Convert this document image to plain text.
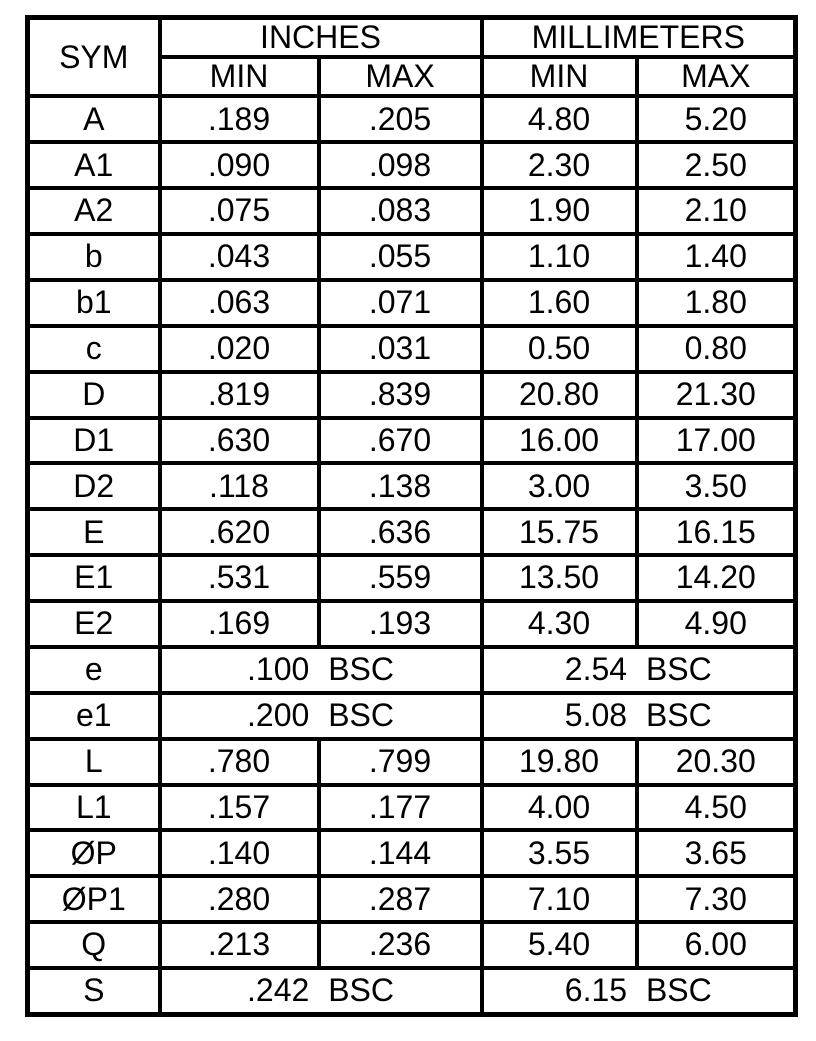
SYM	INCHES		MILLIMETERS	
	MIN	MAX	MIN	MAX
A	.189	.205	4.80	5.20
A1	.090	.098	2.30	2.50
A2	.075	.083	1.90	2.10
b	.043	.055	1.10	1.40
b1	.063	.071	1.60	1.80
c	.020	.031	0.50	0.80
D	.819	.839	20.80	21.30
D1	.630	.670	16.00	17.00
D2	.118	.138	3.00	3.50
E	.620	.636	15.75	16.15
E1	.531	.559	13.50	14.20
E2	.169	.193	4.30	4.90
e	.100 BSC		2.54 BSC	
e1	.200 BSC		5.08 BSC	
L	.780	.799	19.80	20.30
L1	.157	.177	4.00	4.50
ØP	.140	.144	3.55	3.65
ØP1	.280	.287	7.10	7.30
Q	.213	.236	5.40	6.00
S	.242 BSC		6.15 BSC	
